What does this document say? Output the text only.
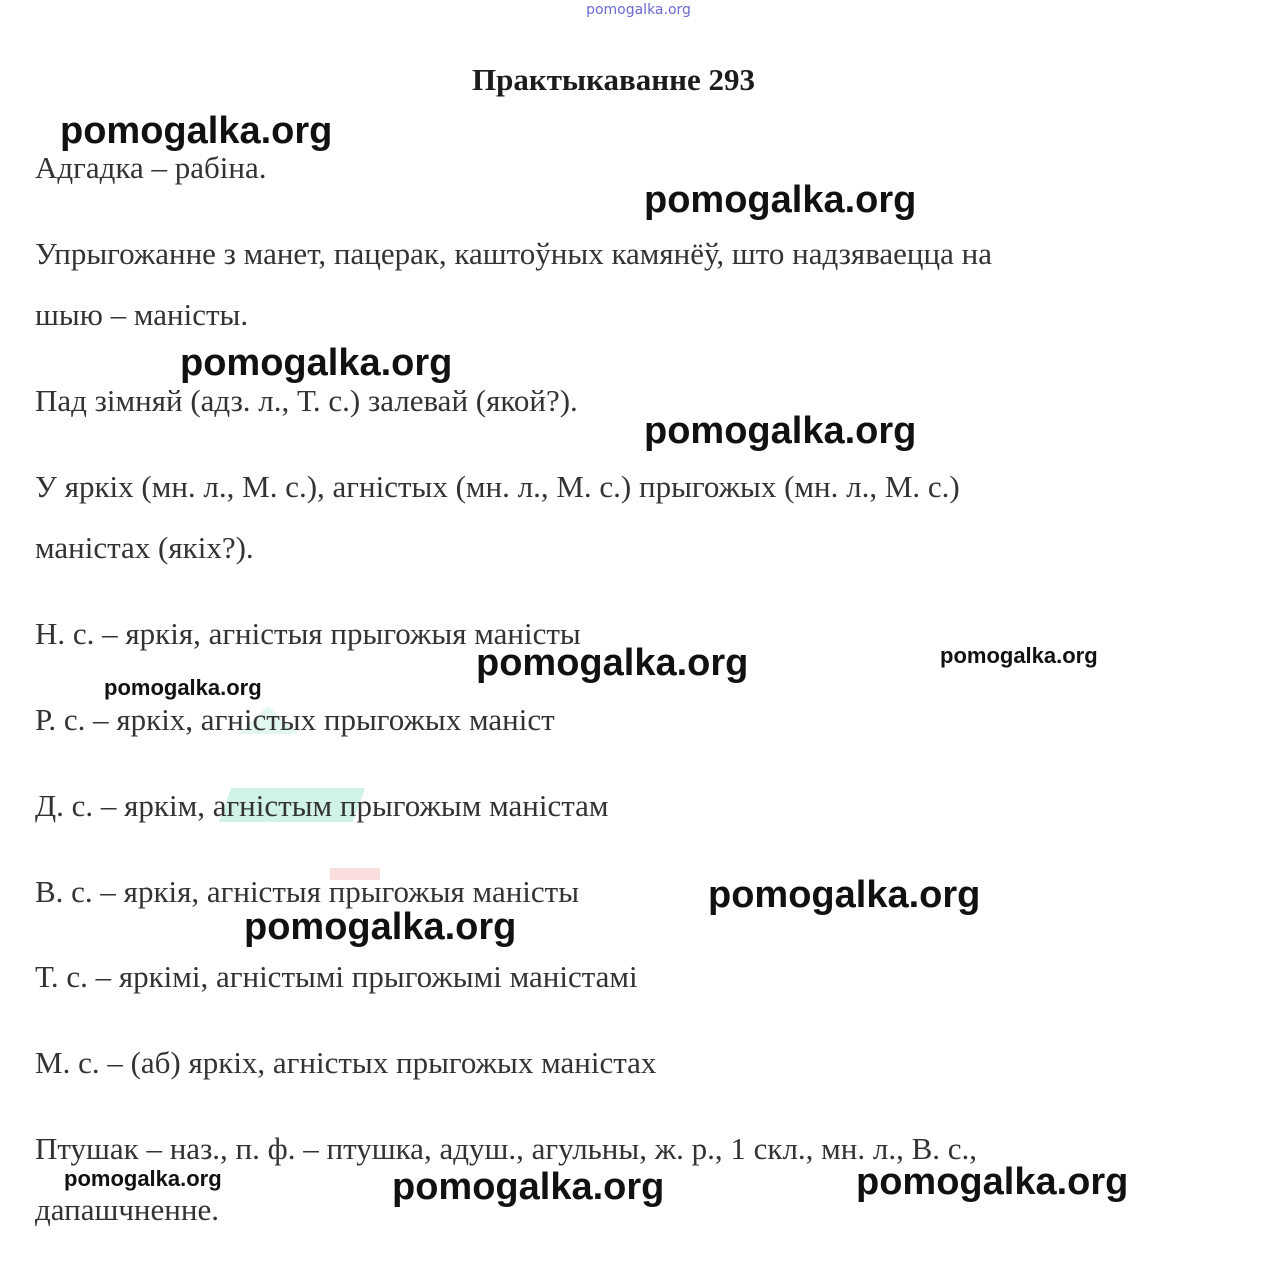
pomogalka.org
Практыкаванне 293
Адгадка – рабіна.
Упрыгожанне з манет, пацерак, каштоўных камянёў, што надзяваецца на
шыю – маністы.
Пад зімняй (адз. л., Т. с.) залевай (якой?).
У яркіх (мн. л., М. с.), агністых (мн. л., М. с.) прыгожых (мн. л., М. с.)
маністах (якіх?).
Н. с. – яркія, агністыя прыгожыя маністы
Р. с. – яркіх, агністых прыгожых маніст
Д. с. – яркім, агністым прыгожым маністам
В. с. – яркія, агністыя прыгожыя маністы
Т. с. – яркімі, агністымі прыгожымі маністамі
М. с. – (аб) яркіх, агністых прыгожых маністах
Птушак – наз., п. ф. – птушка, адуш., агульны, ж. р., 1 скл., мн. л., В. с.,
дапашчненне.
pomogalka.org
pomogalka.org
pomogalka.org
pomogalka.org
pomogalka.org	pomogalka.org
pomogalka.org
pomogalka.org
pomogalka.org
pomogalka.org	pomogalka.org	pomogalka.org
